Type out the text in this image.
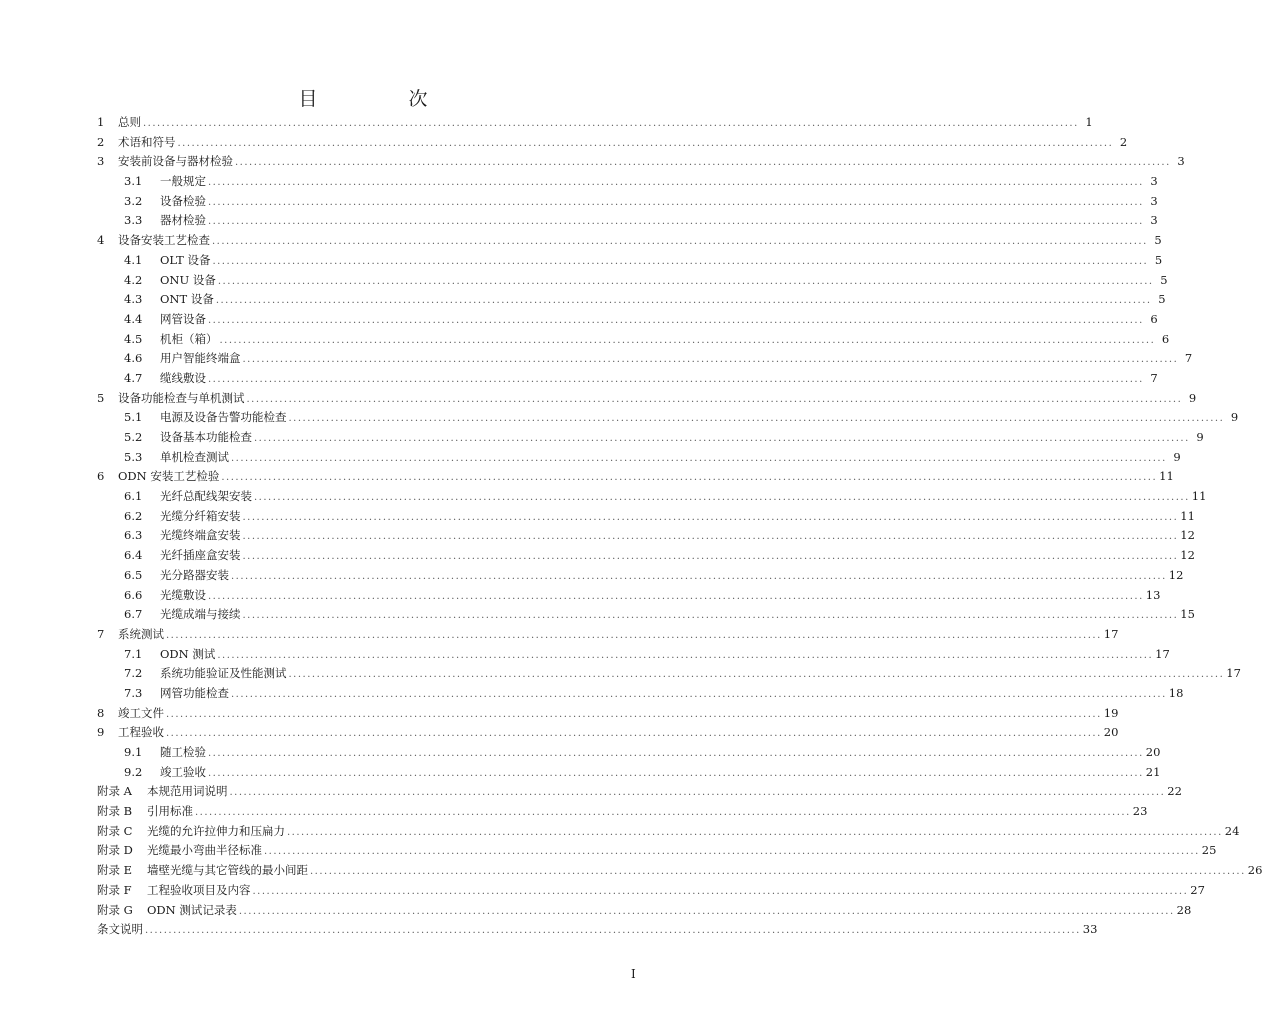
目　次
1	总则 ........................................................................................................................................................................................................ 1
2	术语和符号 ........................................................................................................................................................................................................ 2
3	安装前设备与器材检验 ........................................................................................................................................................................................................ 3
3.1	一般规定 ........................................................................................................................................................................................................ 3
3.2	设备检验 ........................................................................................................................................................................................................ 3
3.3	器材检验 ........................................................................................................................................................................................................ 3
4	设备安装工艺检查 ........................................................................................................................................................................................................ 5
4.1	OLT 设备 ........................................................................................................................................................................................................ 5
4.2	ONU 设备 ........................................................................................................................................................................................................ 5
4.3	ONT 设备 ........................................................................................................................................................................................................ 5
4.4	网管设备 ........................................................................................................................................................................................................ 6
4.5	机柜（箱） ........................................................................................................................................................................................................ 6
4.6	用户智能终端盒 ........................................................................................................................................................................................................ 7
4.7	缆线敷设 ........................................................................................................................................................................................................ 7
5	设备功能检查与单机测试 ........................................................................................................................................................................................................ 9
5.1	电源及设备告警功能检查 ........................................................................................................................................................................................................ 9
5.2	设备基本功能检查 ........................................................................................................................................................................................................ 9
5.3	单机检查测试 ........................................................................................................................................................................................................ 9
6	ODN 安装工艺检验 ........................................................................................................................................................................................................ 11
6.1	光纤总配线架安装 ........................................................................................................................................................................................................ 11
6.2	光缆分纤箱安装 ........................................................................................................................................................................................................ 11
6.3	光缆终端盒安装 ........................................................................................................................................................................................................ 12
6.4	光纤插座盒安装 ........................................................................................................................................................................................................ 12
6.5	光分路器安装 ........................................................................................................................................................................................................ 12
6.6	光缆敷设 ........................................................................................................................................................................................................ 13
6.7	光缆成端与接续 ........................................................................................................................................................................................................ 15
7	系统测试 ........................................................................................................................................................................................................ 17
7.1	ODN 测试 ........................................................................................................................................................................................................ 17
7.2	系统功能验证及性能测试 ........................................................................................................................................................................................................ 17
7.3	网管功能检查 ........................................................................................................................................................................................................ 18
8	竣工文件 ........................................................................................................................................................................................................ 19
9	工程验收 ........................................................................................................................................................................................................ 20
9.1	随工检验 ........................................................................................................................................................................................................ 20
9.2	竣工验收 ........................................................................................................................................................................................................ 21
附录 A	本规范用词说明 ........................................................................................................................................................................................................ 22
附录 B	引用标准 ........................................................................................................................................................................................................ 23
附录 C	光缆的允许拉伸力和压扁力 ........................................................................................................................................................................................................ 24
附录 D	光缆最小弯曲半径标准 ........................................................................................................................................................................................................ 25
附录 E	墙壁光缆与其它管线的最小间距 ........................................................................................................................................................................................................ 26
附录 F	工程验收项目及内容 ........................................................................................................................................................................................................ 27
附录 G	ODN 测试记录表 ........................................................................................................................................................................................................ 28
条文说明 ........................................................................................................................................................................................................ 33
I
